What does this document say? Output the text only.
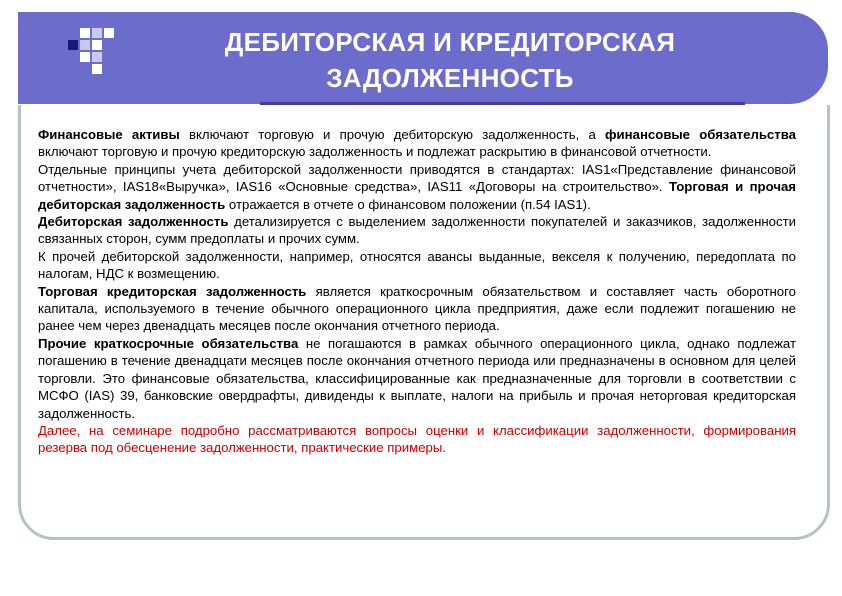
ДЕБИТОРСКАЯ И КРЕДИТОРСКАЯ
ЗАДОЛЖЕННОСТЬ

Финансовые активы включают торговую и прочую дебиторскую задолженность, а финансовые обязательства включают торговую и прочую кредиторскую задолженность и подлежат раскрытию в финансовой отчетности.

Отдельные принципы учета дебиторской задолженности приводятся в стандартах: IAS1«Представление финансовой отчетности», IAS18«Выручка», IAS16 «Основные средства», IAS11 «Договоры на строительство». Торговая и прочая дебиторская задолженность отражается в отчете о финансовом положении (п.54 IAS1).

Дебиторская задолженность детализируется с выделением задолженности покупателей и заказчиков, задолженности связанных сторон, сумм предоплаты и прочих сумм.

К прочей дебиторской задолженности, например, относятся авансы выданные, векселя к получению, передоплата по налогам, НДС к возмещению.

Торговая кредиторская задолженность является краткосрочным обязательством и составляет часть оборотного капитала, используемого в течение обычного операционного цикла предприятия, даже если подлежит погашению не ранее чем через двенадцать месяцев после окончания отчетного периода.

Прочие краткосрочные обязательства не погашаются в рамках обычного операционного цикла, однако подлежат погашению в течение двенадцати месяцев после окончания отчетного периода или предназначены в основном для целей торговли. Это финансовые обязательства, классифицированные как предназначенные для торговли в соответствии с МСФО (IAS) 39, банковские овердрафты, дивиденды к выплате, налоги на прибыль и прочая неторговая кредиторская задолженность.

Далее, на семинаре подробно рассматриваются вопросы оценки и классификации задолженности, формирования резерва под обесценение задолженности, практические примеры.
